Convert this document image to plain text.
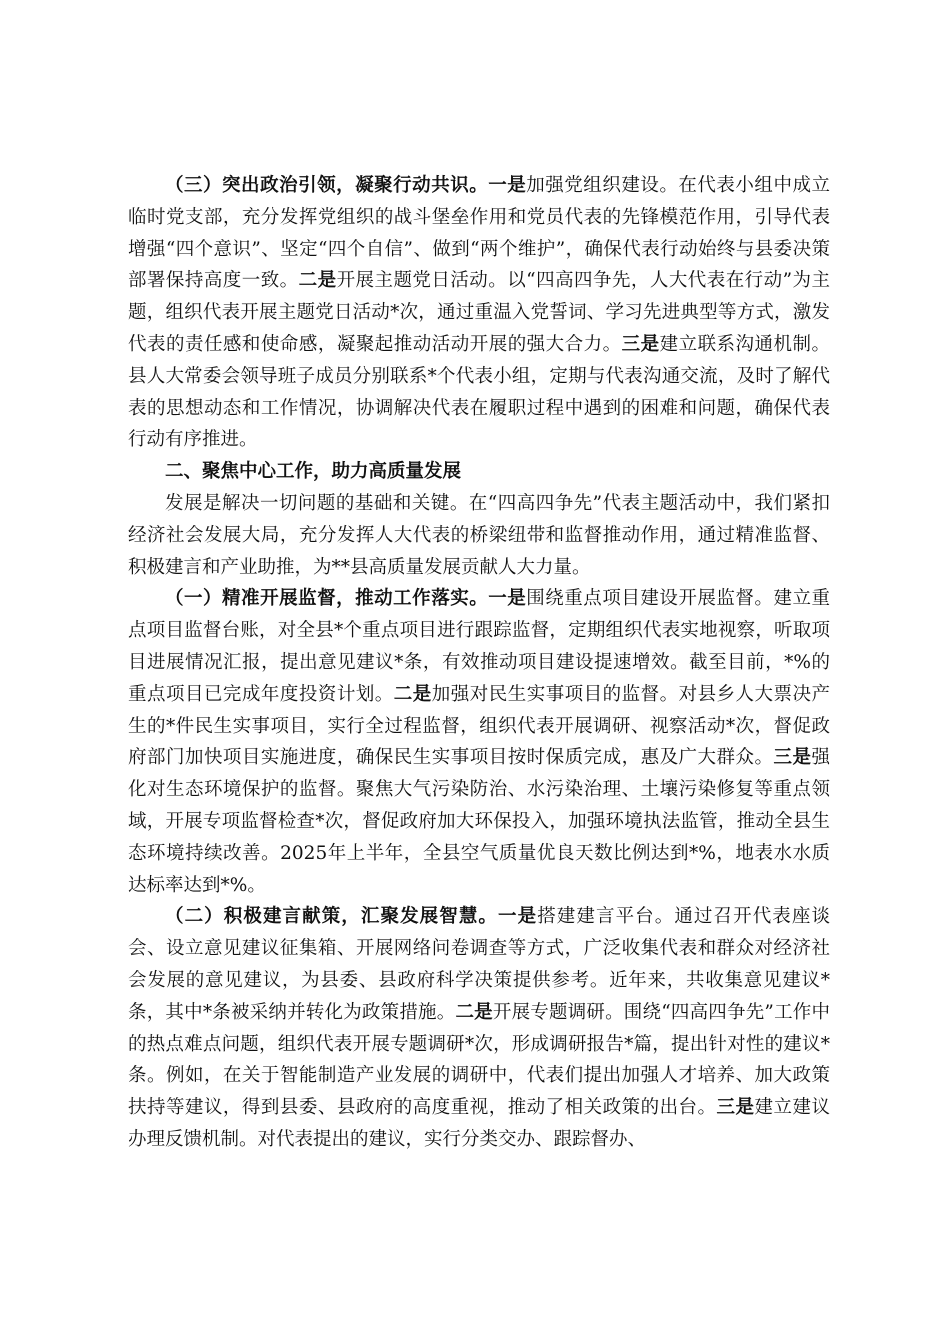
（三）突出政治引领，凝聚行动共识。一是加强党组织建设。在代表小组中成立临时党支部，充分发挥党组织的战斗堡垒作用和党员代表的先锋模范作用，引导代表增强“四个意识”、坚定“四个自信”、做到“两个维护”，确保代表行动始终与县委决策部署保持高度一致。二是开展主题党日活动。以“四高四争先，人大代表在行动”为主题，组织代表开展主题党日活动*次，通过重温入党誓词、学习先进典型等方式，激发代表的责任感和使命感，凝聚起推动活动开展的强大合力。三是建立联系沟通机制。县人大常委会领导班子成员分别联系*个代表小组，定期与代表沟通交流，及时了解代表的思想动态和工作情况，协调解决代表在履职过程中遇到的困难和问题，确保代表行动有序推进。

二、聚焦中心工作，助力高质量发展

发展是解决一切问题的基础和关键。在“四高四争先”代表主题活动中，我们紧扣经济社会发展大局，充分发挥人大代表的桥梁纽带和监督推动作用，通过精准监督、积极建言和产业助推，为**县高质量发展贡献人大力量。

（一）精准开展监督，推动工作落实。一是围绕重点项目建设开展监督。建立重点项目监督台账，对全县*个重点项目进行跟踪监督，定期组织代表实地视察，听取项目进展情况汇报，提出意见建议*条，有效推动项目建设提速增效。截至目前，*%的重点项目已完成年度投资计划。二是加强对民生实事项目的监督。对县乡人大票决产生的*件民生实事项目，实行全过程监督，组织代表开展调研、视察活动*次，督促政府部门加快项目实施进度，确保民生实事项目按时保质完成，惠及广大群众。三是强化对生态环境保护的监督。聚焦大气污染防治、水污染治理、土壤污染修复等重点领域，开展专项监督检查*次，督促政府加大环保投入，加强环境执法监管，推动全县生态环境持续改善。2025年上半年，全县空气质量优良天数比例达到*%，地表水水质达标率达到*%。

（二）积极建言献策，汇聚发展智慧。一是搭建建言平台。通过召开代表座谈会、设立意见建议征集箱、开展网络问卷调查等方式，广泛收集代表和群众对经济社会发展的意见建议，为县委、县政府科学决策提供参考。近年来，共收集意见建议*条，其中*条被采纳并转化为政策措施。二是开展专题调研。围绕“四高四争先”工作中的热点难点问题，组织代表开展专题调研*次，形成调研报告*篇，提出针对性的建议*条。例如，在关于智能制造产业发展的调研中，代表们提出加强人才培养、加大政策扶持等建议，得到县委、县政府的高度重视，推动了相关政策的出台。三是建立建议办理反馈机制。对代表提出的建议，实行分类交办、跟踪督办、
